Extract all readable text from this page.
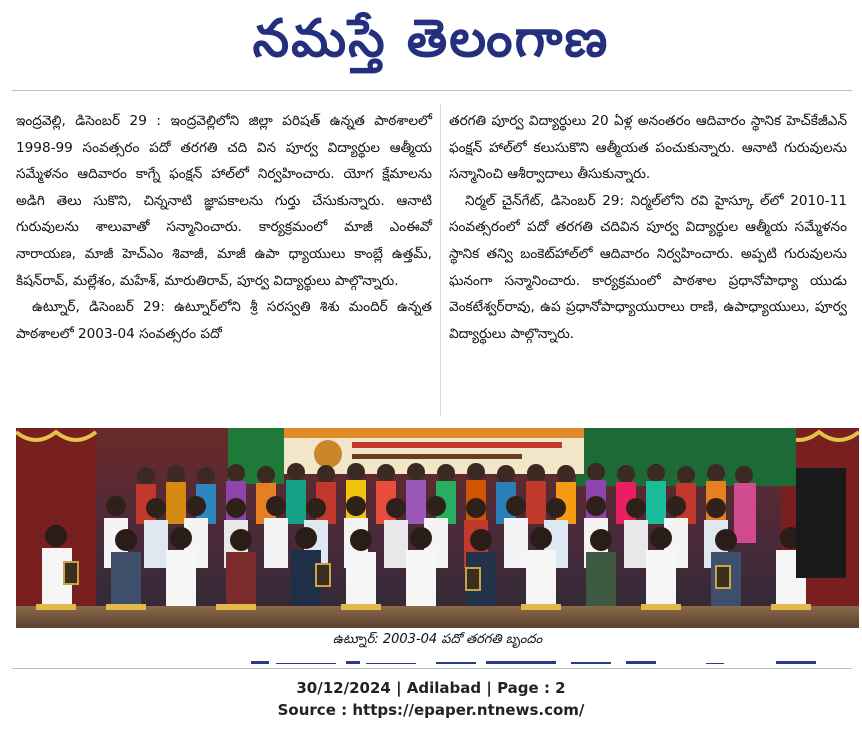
నమస్తే తెలంగాణ

ఇంద్రవెల్లి, డిసెంబర్ 29 : ఇంద్రవెల్లిలోని జిల్లా పరిషత్ ఉన్నత పాఠశాలలో 1998-99 సంవత్సరం పదో తరగతి చది విన పూర్వ విద్యార్థుల ఆత్మీయ సమ్మేళనం ఆదివారం కాగ్నే ఫంక్షన్ హాల్‌లో నిర్వహించారు. యోగ క్షేమాలను అడిగి తెలు సుకొని, చిన్ననాటి జ్ఞాపకాలను గుర్తు చేసుకున్నారు. ఆనాటి గురువులను శాలువాతో సన్మానించారు. కార్యక్రమంలో మాజీ ఎంఈవో నారాయణ, మాజీ హెచ్ఎం శివాజీ, మాజీ ఉపా ధ్యాయులు కాంబ్లే ఉత్తమ్, కిషన్‌రావ్, మల్లేశం, మహేశ్, మారుతిరావ్, పూర్వ విద్యార్థులు పాల్గొన్నారు.

ఉట్నూర్, డిసెంబర్ 29: ఉట్నూర్‌లోని శ్రీ సరస్వతి శిశు మందిర్ ఉన్నత పాఠశాలలో 2003-04 సంవత్సరం పదో

తరగతి పూర్వ విద్యార్థులు 20 ఏళ్ల అనంతరం ఆదివారం స్థానిక హెచ్‌కేజీఎన్ ఫంక్షన్ హాల్‌లో కలుసుకొని ఆత్మీయత పంచుకున్నారు. ఆనాటి గురువులను సన్మానించి ఆశీర్వాదాలు తీసుకున్నారు.

నిర్మల్ చైన్‌గేట్, డిసెంబర్ 29: నిర్మల్‌లోని రవి హైస్కూ ల్‌లో 2010-11 సంవత్సరంలో పదో తరగతి చదివిన పూర్వ విద్యార్థుల ఆత్మీయ సమ్మేళనం స్థానిక తన్వి బంకెట్‌హాల్‌లో ఆదివారం నిర్వహించారు. అప్పటి గురువులను ఘనంగా సన్మానించారు. కార్యక్రమంలో పాఠశాల ప్రధానోపాధ్యా యుడు వెంకటేశ్వర్‌రావు, ఉప ప్రధానోపాధ్యాయురాలు రాణి, ఉపాధ్యాయులు, పూర్వ విద్యార్థులు పాల్గొన్నారు.

ఉట్నూర్: 2003-04 పదో తరగతి బృందం
30/12/2024 | Adilabad | Page : 2
Source : https://epaper.ntnews.com/
